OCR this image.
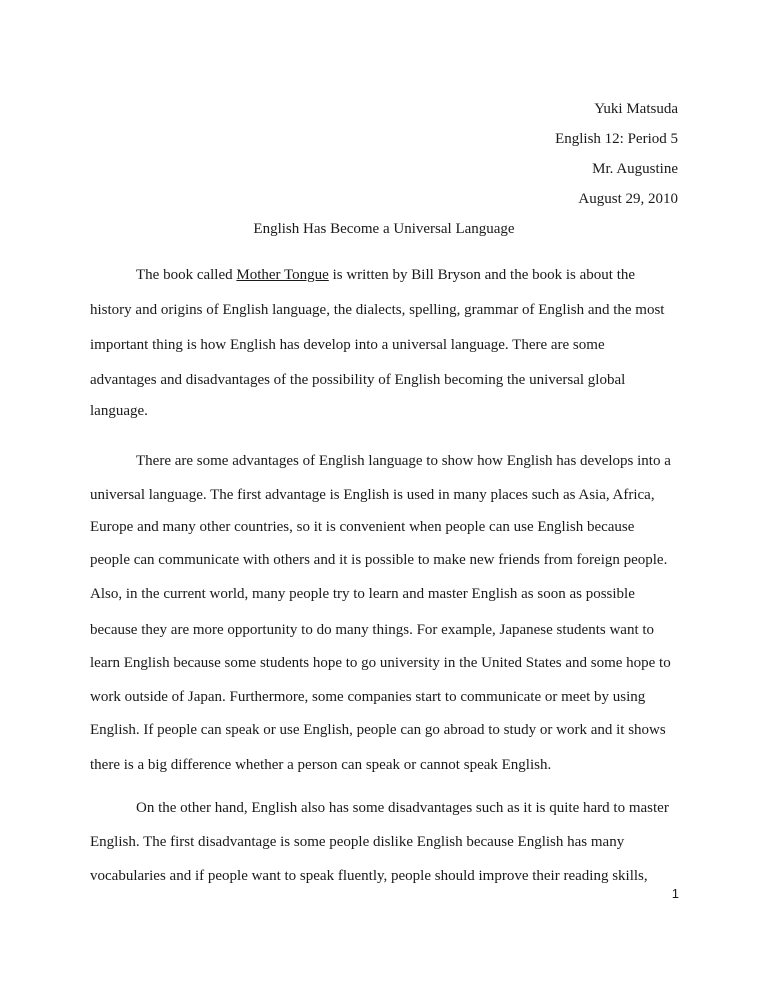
Yuki Matsuda
English 12: Period 5
Mr. Augustine
August 29, 2010
English Has Become a Universal Language
The book called Mother Tongue is written by Bill Bryson and the book is about the
history and origins of English language, the dialects, spelling, grammar of English and the most
important thing is how English has develop into a universal language. There are some
advantages and disadvantages of the possibility of English becoming the universal global
language.
There are some advantages of English language to show how English has develops into a
universal language. The first advantage is English is used in many places such as Asia, Africa,
Europe and many other countries, so it is convenient when people can use English because
people can communicate with others and it is possible to make new friends from foreign people.
Also, in the current world, many people try to learn and master English as soon as possible
because they are more opportunity to do many things. For example, Japanese students want to
learn English because some students hope to go university in the United States and some hope to
work outside of Japan. Furthermore, some companies start to communicate or meet by using
English. If people can speak or use English, people can go abroad to study or work and it shows
there is a big difference whether a person can speak or cannot speak English.
On the other hand, English also has some disadvantages such as it is quite hard to master
English. The first disadvantage is some people dislike English because English has many
vocabularies and if people want to speak fluently, people should improve their reading skills,
1
